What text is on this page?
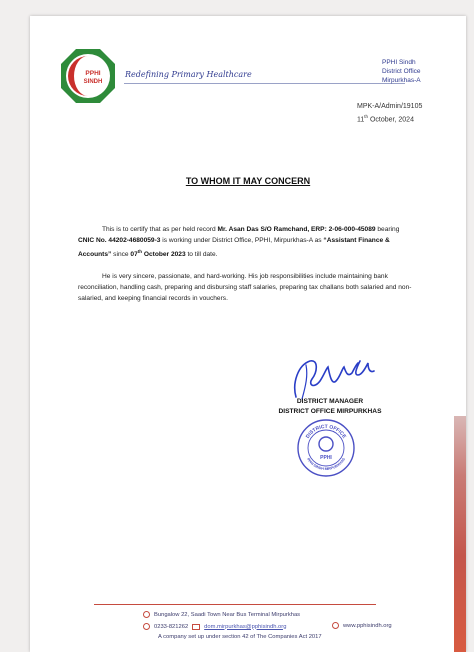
PPHI
SINDH
Redefining Primary Healthcare
PPHI Sindh
District Office
Mirpurkhas-A
MPK-A/Admin/19105
11th October, 2024
TO WHOM IT MAY CONCERN
This is to certify that as per held record Mr. Asan Das S/O Ramchand, ERP: 2-06-000-45089 bearing CNIC No. 44202-4680059-3 is working under District Office, PPHI, Mirpurkhas-A as “Assistant Finance & Accounts” since 07th October 2023 to till date.
He is very sincere, passionate, and hard-working. His job responsibilities include maintaining bank reconciliation, handling cash, preparing and disbursing staff salaries, preparing tax challans both salaried and non-salaried, and keeping financial records in vouchers.
DISTRICT MANAGER
DISTRICT OFFICE MIRPURKHAS
DISTRICT OFFICE
PPHI
PPHI SINDH MIRPURKHAS
Bungalow 22, Saadi Town Near Bus Terminal Mirpurkhas
0233-821262	dom.mirpurkhas@pphisindh.org	www.pphisindh.org
A company set up under section 42 of The Companies Act 2017
